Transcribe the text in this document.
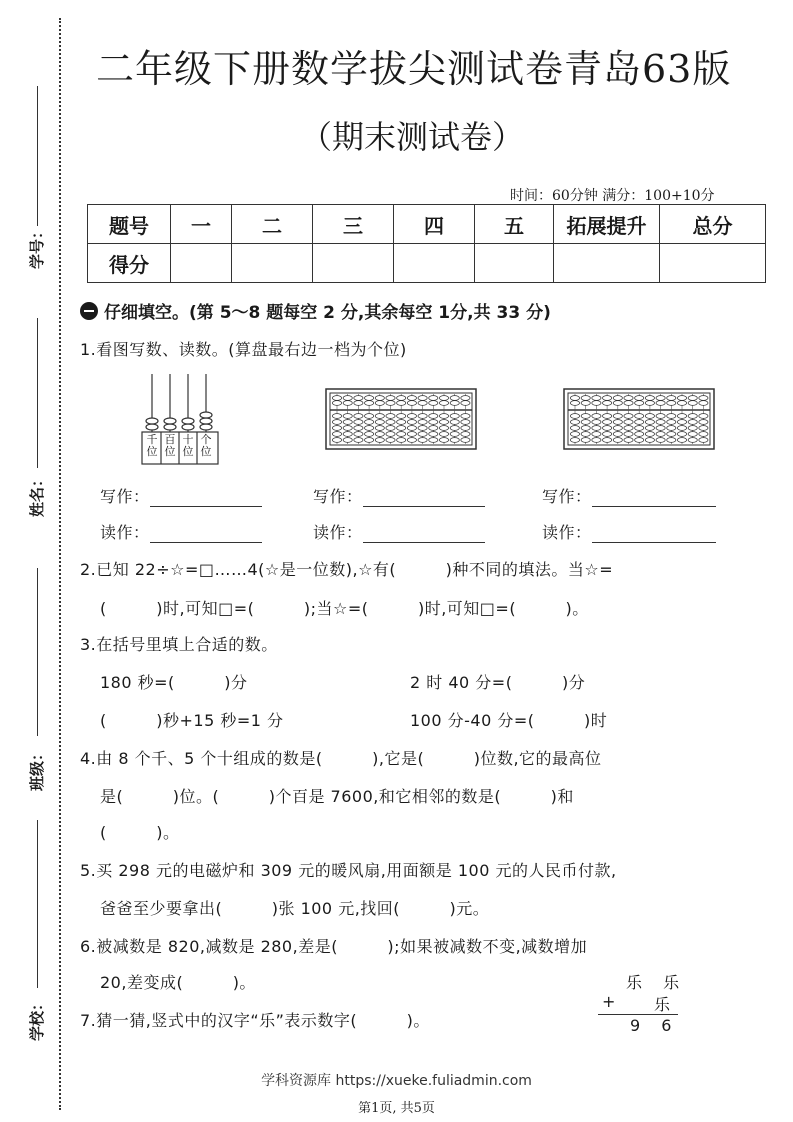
学号：
姓名：
班级：
学校：
二年级下册数学拔尖测试卷青岛63版
（期末测试卷）
时间：60分钟 满分：100+10分
题号	一	二	三	四	五	拓展提升	总分
得分							
仔细填空。(第 5～8 题每空 2 分,其余每空 1分,共 33 分)
1.看图写数、读数。(算盘最右边一档为个位)
千位
百位
十位
个位
写作：	写作：	写作：
读作：	读作：	读作：
2.已知 22÷☆=□……4(☆是一位数),☆有(　　　)种不同的填法。当☆=
(　　　)时,可知□=(　　　);当☆=(　　　)时,可知□=(　　　)。
3.在括号里填上合适的数。
180 秒=(　　　)分	2 时 40 分=(　　　)分
(　　　)秒+15 秒=1 分	100 分-40 分=(　　　)时
4.由 8 个千、5 个十组成的数是(　　　),它是(　　　)位数,它的最高位
是(　　　)位。(　　　)个百是 7600,和它相邻的数是(　　　)和
(　　　)。
5.买 298 元的电磁炉和 309 元的暖风扇,用面额是 100 元的人民币付款,
爸爸至少要拿出(　　　)张 100 元,找回(　　　)元。
6.被减数是 820,减数是 280,差是(　　　);如果被减数不变,减数增加
20,差变成(　　　)。
7.猜一猜,竖式中的汉字“乐”表示数字(　　　)。
乐 乐
+ 乐
9 6
学科资源库 https://xueke.fuliadmin.com
第1页, 共5页
